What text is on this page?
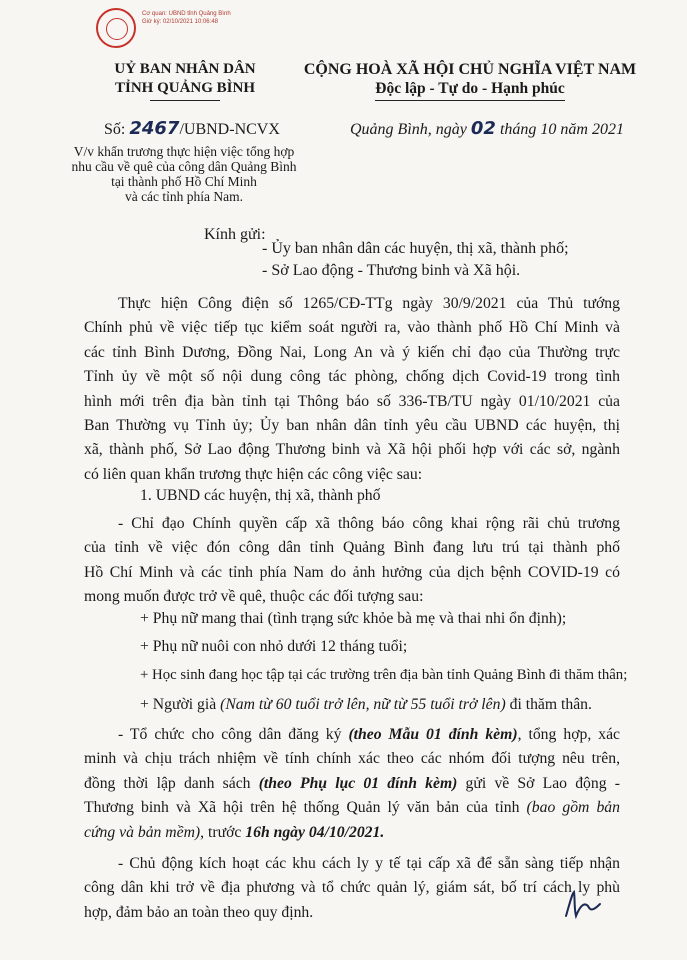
Cơ quan: UBND tỉnh Quảng Bình
Giờ ký: 02/10/2021 10:06:48
UỶ BAN NHÂN DÂN
TỈNH QUẢNG BÌNH
CỘNG HOÀ XÃ HỘI CHỦ NGHĨA VIỆT NAM
Độc lập - Tự do - Hạnh phúc
Số: 2467/UBND-NCVX	Quảng Bình, ngày 02 tháng 10 năm 2021
V/v khẩn trương thực hiện việc tổng hợp
nhu cầu về quê của công dân Quảng Bình
tại thành phố Hồ Chí Minh
và các tỉnh phía Nam.
Kính gửi:
- Ủy ban nhân dân các huyện, thị xã, thành phố;
- Sở Lao động - Thương binh và Xã hội.
Thực hiện Công điện số 1265/CĐ-TTg ngày 30/9/2021 của Thủ tướng
Chính phủ về việc tiếp tục kiểm soát người ra, vào thành phố Hồ Chí Minh và
các tỉnh Bình Dương, Đồng Nai, Long An và ý kiến chỉ đạo của Thường trực
Tỉnh ủy về một số nội dung công tác phòng, chống dịch Covid-19 trong tình
hình mới trên địa bàn tỉnh tại Thông báo số 336-TB/TU ngày 01/10/2021 của
Ban Thường vụ Tỉnh ủy; Ủy ban nhân dân tỉnh yêu cầu UBND các huyện, thị
xã, thành phố, Sở Lao động Thương binh và Xã hội phối hợp với các sở, ngành
có liên quan khẩn trương thực hiện các công việc sau:
1. UBND các huyện, thị xã, thành phố
- Chỉ đạo Chính quyền cấp xã thông báo công khai rộng rãi chủ trương
của tỉnh về việc đón công dân tỉnh Quảng Bình đang lưu trú tại thành phố
Hồ Chí Minh và các tỉnh phía Nam do ảnh hưởng của dịch bệnh COVID-19 có
mong muốn được trở về quê, thuộc các đối tượng sau:
+ Phụ nữ mang thai (tình trạng sức khỏe bà mẹ và thai nhi ổn định);
+ Phụ nữ nuôi con nhỏ dưới 12 tháng tuổi;
+ Học sinh đang học tập tại các trường trên địa bàn tỉnh Quảng Bình đi thăm thân;
+ Người già (Nam từ 60 tuổi trở lên, nữ từ 55 tuổi trở lên) đi thăm thân.
- Tổ chức cho công dân đăng ký (theo Mẫu 01 đính kèm), tổng hợp, xác
minh và chịu trách nhiệm về tính chính xác theo các nhóm đối tượng nêu trên,
đồng thời lập danh sách (theo Phụ lục 01 đính kèm) gửi về Sở Lao động -
Thương binh và Xã hội trên hệ thống Quản lý văn bản của tỉnh (bao gồm bản
cứng và bản mềm), trước 16h ngày 04/10/2021.
- Chủ động kích hoạt các khu cách ly y tế tại cấp xã để sẵn sàng tiếp nhận
công dân khi trở về địa phương và tổ chức quản lý, giám sát, bố trí cách ly phù
hợp, đảm bảo an toàn theo quy định.
